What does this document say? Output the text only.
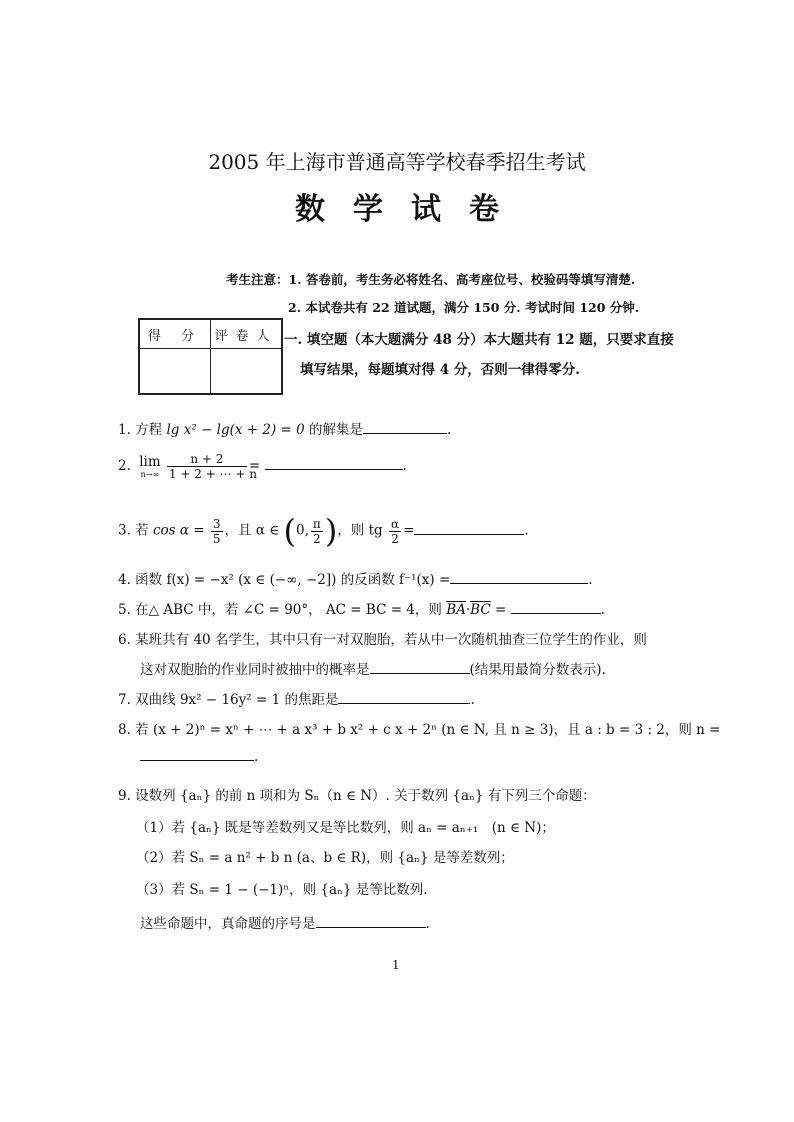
2005 年上海市普通高等学校春季招生考试
数学试卷
考生注意：1. 答卷前，考生务必将姓名、高考座位号、校验码等填写清楚.
2. 本试卷共有 22 道试题，满分 150 分. 考试时间 120 分钟.
得 分	评卷人
	一. 填空题（本大题满分 48 分）本大题共有 12 题，只要求直接
填写结果，每题填对得 4 分，否则一律得零分.
1. 方程 lg x² − lg(x + 2) = 0 的解集是	.
2. lim
n→∞
$\frac{n + 2}{1 + 2 + \cdots + n}$ =	.
3. 若 $\cos \alpha = \frac{3}{5}$ ，且 α ∈ (0, $\frac{\pi}{2}$ )，则 tg $\frac{\alpha}{2}$ =	.
4. 函数 f(x) = −x² (x ∈ (−∞, −2]) 的反函数 f⁻¹(x) =	.
5. 在△ ABC 中，若 ∠C = 90°， AC = BC = 4，则 $\overline{BA}\cdot\overline{BC}$ =	.
6. 某班共有 40 名学生，其中只有一对双胞胎，若从中一次随机抽查三位学生的作业，则
这对双胞胎的作业同时被抽中的概率是	(结果用最简分数表示).
7. 双曲线 9x² − 16y² = 1 的焦距是	.
8. 若 (x + 2)ⁿ = xⁿ + ⋯ + a x³ + b x² + c x + 2ⁿ (n ∈ N, 且 n ≥ 3)，且 a : b = 3 : 2，则 n =
.
9. 设数列 {aₙ} 的前 n 项和为 Sₙ（n ∈ N）. 关于数列 {aₙ} 有下列三个命题：
（1）若 {aₙ} 既是等差数列又是等比数列，则 aₙ = aₙ₊₁　(n ∈ N)；
（2）若 Sₙ = a n² + b n (a、b ∈ R)，则 {aₙ} 是等差数列；
（3）若 Sₙ = 1 − (−1)ⁿ，则 {aₙ} 是等比数列.
这些命题中，真命题的序号是	.
1
